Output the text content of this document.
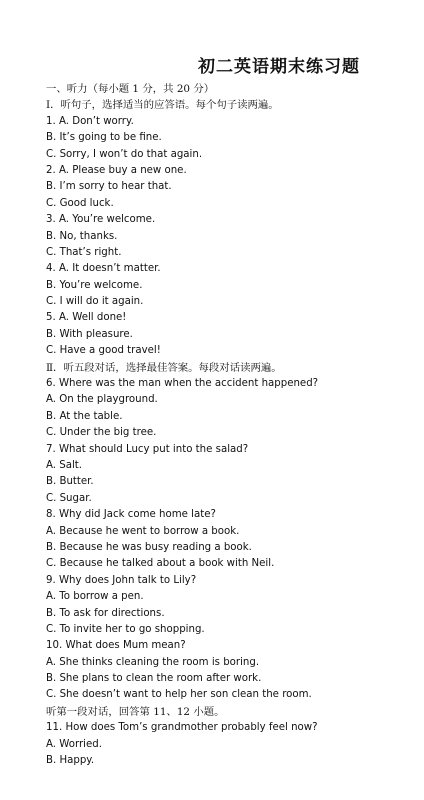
初二英语期末练习题
一、听力（每小题 1 分，共 20 分）
Ⅰ．听句子，选择适当的应答语。每个句子读两遍。
1. A. Don’t worry.
B. It’s going to be fine.
C. Sorry, I won’t do that again.
2. A. Please buy a new one.
B. I’m sorry to hear that.
C. Good luck.
3. A. You’re welcome.
B. No, thanks.
C. That’s right.
4. A. It doesn’t matter.
B. You’re welcome.
C. I will do it again.
5. A. Well done!
B. With pleasure.
C. Have a good travel!
Ⅱ．听五段对话，选择最佳答案。每段对话读两遍。
6. Where was the man when the accident happened?
A. On the playground.
B. At the table.
C. Under the big tree.
7. What should Lucy put into the salad?
A. Salt.
B. Butter.
C. Sugar.
8. Why did Jack come home late?
A. Because he went to borrow a book.
B. Because he was busy reading a book.
C. Because he talked about a book with Neil.
9. Why does John talk to Lily?
A. To borrow a pen.
B. To ask for directions.
C. To invite her to go shopping.
10. What does Mum mean?
A. She thinks cleaning the room is boring.
B. She plans to clean the room after work.
C. She doesn’t want to help her son clean the room.
听第一段对话，回答第 11、12 小题。
11. How does Tom’s grandmother probably feel now?
A. Worried.
B. Happy.
